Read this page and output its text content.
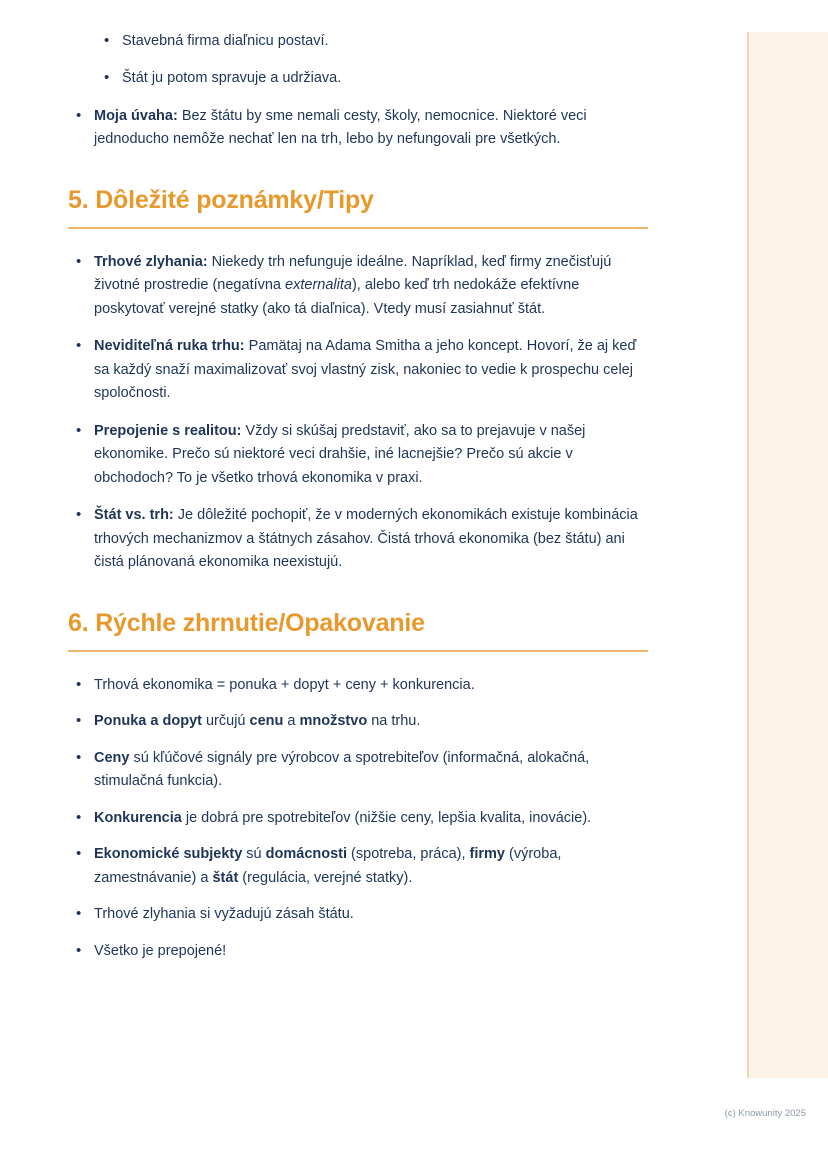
• Stavebná firma diaľnicu postaví.
• Štát ju potom spravuje a udržiava.
• Moja úvaha: Bez štátu by sme nemali cesty, školy, nemocnice. Niektoré veci jednoducho nemôže nechať len na trh, lebo by nefungovali pre všetkých.
5. Dôležité poznámky/Tipy
• Trhové zlyhania: Niekedy trh nefunguje ideálne. Napríklad, keď firmy znečisťujú životné prostredie (negatívna externalita), alebo keď trh nedokáže efektívne poskytovať verejné statky (ako tá diaľnica). Vtedy musí zasiahnuť štát.
• Neviditeľná ruka trhu: Pamätaj na Adama Smitha a jeho koncept. Hovorí, že aj keď sa každý snaží maximalizovať svoj vlastný zisk, nakoniec to vedie k prospechu celej spoločnosti.
• Prepojenie s realitou: Vždy si skúšaj predstaviť, ako sa to prejavuje v našej ekonomike. Prečo sú niektoré veci drahšie, iné lacnejšie? Prečo sú akcie v obchodoch? To je všetko trhová ekonomika v praxi.
• Štát vs. trh: Je dôležité pochopiť, že v moderných ekonomikách existuje kombinácia trhových mechanizmov a štátnych zásahov. Čistá trhová ekonomika (bez štátu) ani čistá plánovaná ekonomika neexistujú.
6. Rýchle zhrnutie/Opakovanie
• Trhová ekonomika = ponuka + dopyt + ceny + konkurencia.
• Ponuka a dopyt určujú cenu a množstvo na trhu.
• Ceny sú kľúčové signály pre výrobcov a spotrebiteľov (informačná, alokačná, stimulačná funkcia).
• Konkurencia je dobrá pre spotrebiteľov (nižšie ceny, lepšia kvalita, inovácie).
• Ekonomické subjekty sú domácnosti (spotreba, práca), firmy (výroba, zamestnávanie) a štát (regulácia, verejné statky).
• Trhové zlyhania si vyžadujú zásah štátu.
• Všetko je prepojené!
(c) Knowunity 2025
